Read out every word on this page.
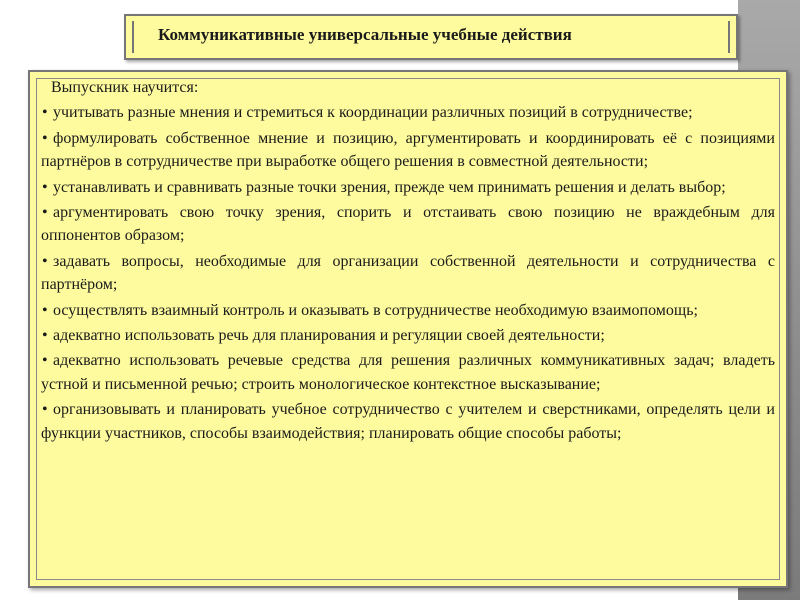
Коммуникативные универсальные учебные действия
Выпускник научится:
• учитывать разные мнения и стремиться к координации различных позиций в сотрудничестве;
• формулировать собственное мнение и позицию, аргументировать и координировать её с позициями партнёров в сотрудничестве при выработке общего решения в совместной деятельности;
• устанавливать и сравнивать разные точки зрения, прежде чем принимать решения и делать выбор;
• аргументировать свою точку зрения, спорить и отстаивать свою позицию не враждебным для оппонентов образом;
• задавать вопросы, необходимые для организации собственной деятельности и сотрудничества с партнёром;
• осуществлять взаимный контроль и оказывать в сотрудничестве необходимую взаимопомощь;
• адекватно использовать речь для планирования и регуляции своей деятельности;
• адекватно использовать речевые средства для решения различных коммуникативных задач; владеть устной и письменной речью; строить монологическое контекстное высказывание;
• организовывать и планировать учебное сотрудничество с учителем и сверстниками, определять цели и функции участников, способы взаимодействия; планировать общие способы работы;
